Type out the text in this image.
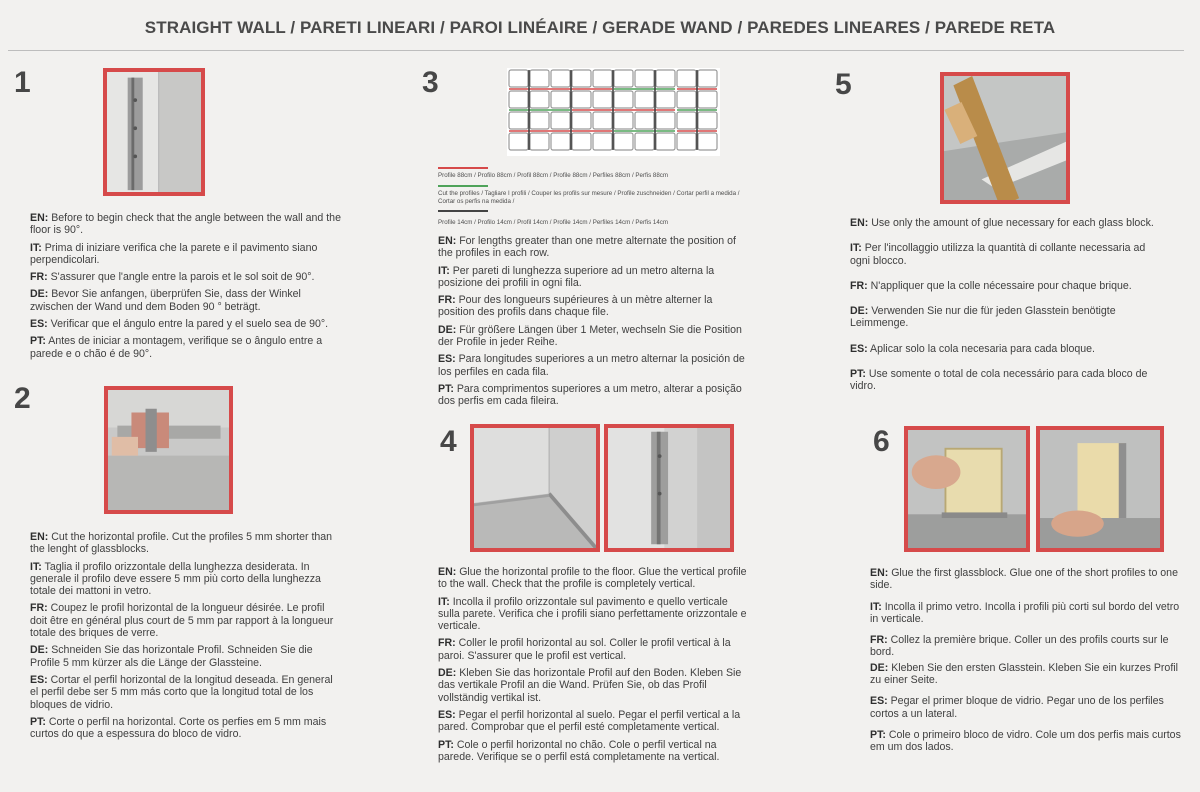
STRAIGHT WALL / PARETI LINEARI / PAROI LINÉAIRE / GERADE WAND / PAREDES LINEARES / PAREDE RETA
1
2
3
4
5
6
Profile 88cm / Profilo 88cm / Profil 88cm / Profile 88cm / Perfiles 88cm / Perfis 88cm
Cut the profiles / Tagliare I profili / Couper les profils sur mesure / Profile zuschneiden / Cortar perfil a medida / Cortar os perfis na medida /
Profile 14cm / Profilo 14cm / Profil 14cm / Profile 14cm / Perfiles 14cm / Perfis 14cm

EN: Before to begin check that the angle between the wall and the floor is 90°.

IT: Prima di iniziare verifica che la parete e il pavimento siano perpendicolari.

FR: S'assurer que l'angle entre la parois et le sol soit de 90°.

DE: Bevor Sie anfangen, überprüfen Sie, dass der Winkel zwischen der Wand und dem Boden 90 ° beträgt.

ES: Verificar que el ángulo entre la pared y el suelo sea de 90°.

PT: Antes de iniciar a montagem, verifique se o ângulo entre a parede e o chão é de 90°.

EN: Cut the horizontal profile. Cut the profiles 5 mm shorter than the lenght of glassblocks.

IT: Taglia il profilo orizzontale della lunghezza desiderata. In generale il profilo deve essere 5 mm più corto della lunghezza totale dei mattoni in vetro.

FR: Coupez le profil horizontal de la longueur désirée. Le profil doit être en général plus court de 5 mm par rapport à la longueur totale des briques de verre.

DE: Schneiden Sie das horizontale Profil. Schneiden Sie die Profile 5 mm kürzer als die Länge der Glassteine.

ES: Cortar el perfil horizontal de la longitud deseada. En general el perfil debe ser 5 mm más corto que la longitud total de los bloques de vidrio.

PT: Corte o perfil na horizontal. Corte os perfies em 5 mm mais curtos do que a espessura do bloco de vidro.

EN: For lengths greater than one metre alternate the position of the profiles in each row.

IT: Per pareti di lunghezza superiore ad un metro alterna la posizione dei profili in ogni fila.

FR: Pour des longueurs supérieures à un mètre alterner la position des profils dans chaque file.

DE: Für größere Längen über 1 Meter, wechseln Sie die Position der Profile in jeder Reihe.

ES: Para longitudes superiores a un metro alternar la posición de los perfiles en cada fila.

PT: Para comprimentos superiores a um metro, alterar a posição dos perfis em cada fileira.

EN: Glue the horizontal profile to the floor. Glue the vertical profile to the wall. Check that the profile is completely vertical.

IT: Incolla il profilo orizzontale sul pavimento e quello verticale sulla parete. Verifica che i profili siano perfettamente orizzontale e verticale.

FR: Coller le profil horizontal au sol. Coller le profil vertical à la paroi. S'assurer que le profil est vertical.

DE: Kleben Sie das horizontale Profil auf den Boden. Kleben Sie das vertikale Profil an die Wand. Prüfen Sie, ob das Profil vollständig vertikal ist.

ES: Pegar el perfil horizontal al suelo. Pegar el perfil vertical a la pared. Comprobar que el perfil esté completamente vertical.

PT: Cole o perfil horizontal no chão. Cole o perfil vertical na parede. Verifique se o perfil está completamente na vertical.

EN: Use only the amount of glue necessary for each glass block.

IT: Per l'incollaggio utilizza la quantità di collante necessaria ad ogni blocco.

FR: N'appliquer que la colle nécessaire pour chaque brique.

DE: Verwenden Sie nur die für jeden Glasstein benötigte Leimmenge.

ES: Aplicar solo la cola necesaria para cada bloque.

PT: Use somente o total de cola necessário para cada bloco de vidro.

EN: Glue the first glassblock. Glue one of the short profiles to one side.

IT: Incolla il primo vetro. Incolla i profili più corti sul bordo del vetro in verticale.

FR: Collez la première brique. Coller un des profils courts sur le bord.

DE: Kleben Sie den ersten Glasstein. Kleben Sie ein kurzes Profil zu einer Seite.

ES: Pegar el primer bloque de vidrio. Pegar uno de los perfiles cortos a un lateral.

PT: Cole o primeiro bloco de vidro. Cole um dos perfis mais curtos em um dos lados.
